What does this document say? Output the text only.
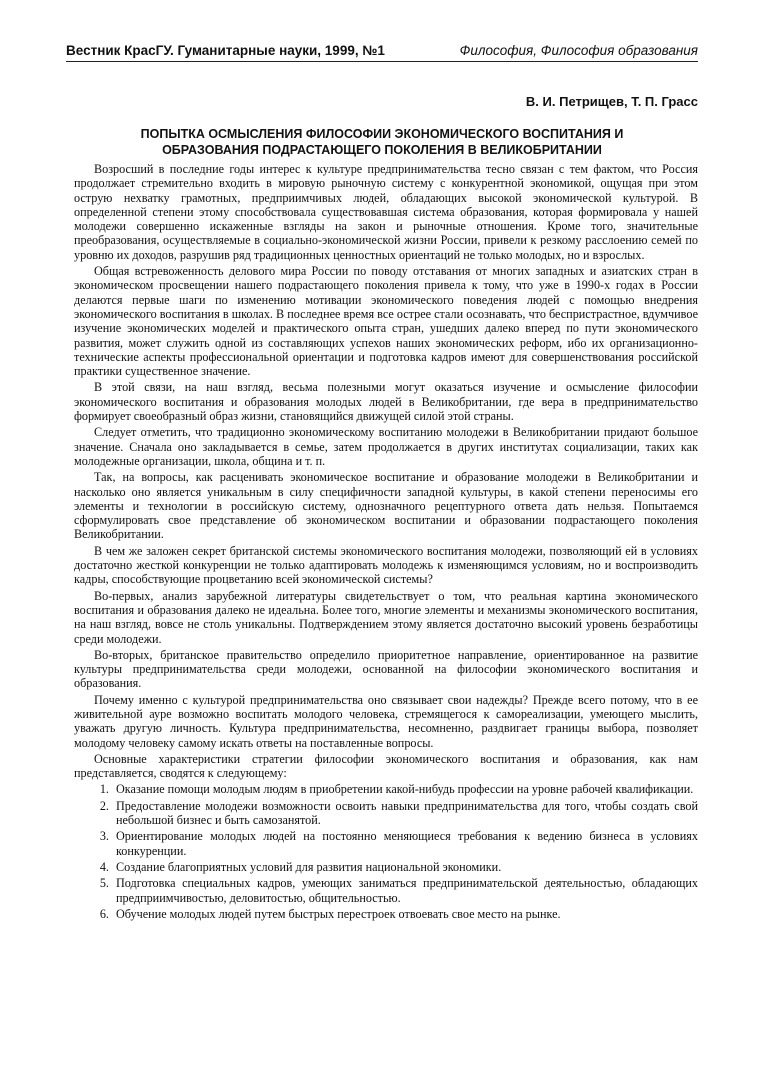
Вестник КрасГУ. Гуманитарные науки, 1999, №1	Философия, Философия образования
В. И. Петрищев, Т. П. Грасс
ПОПЫТКА ОСМЫСЛЕНИЯ ФИЛОСОФИИ ЭКОНОМИЧЕСКОГО ВОСПИТАНИЯ И
ОБРАЗОВАНИЯ ПОДРАСТАЮЩЕГО ПОКОЛЕНИЯ В ВЕЛИКОБРИТАНИИ

Возросший в последние годы интерес к культуре предпринимательства тесно связан с тем фактом, что Россия продолжает стремительно входить в мировую рыночную систему с конкурентной экономикой, ощущая при этом острую нехватку грамотных, предприимчивых людей, обладающих высокой экономической культурой. В определенной степени этому способствовала существовавшая система образования, которая формировала у нашей молодежи совершенно искаженные взгляды на закон и рыночные отношения. Кроме того, значительные преобразования, осуществляемые в социально-экономической жизни России, привели к резкому расслоению семей по уровню их доходов, разрушив ряд традиционных ценностных ориентаций не только молодых, но и взрослых.

Общая встревоженность делового мира России по поводу отставания от многих западных и азиатских стран в экономическом просвещении нашего подрастающего поколения привела к тому, что уже в 1990-х годах в России делаются первые шаги по изменению мотивации экономического поведения людей с помощью внедрения экономического воспитания в школах. В последнее время все острее стали осознавать, что беспристрастное, вдумчивое изучение экономических моделей и практического опыта стран, ушедших далеко вперед по пути экономического развития, может служить одной из составляющих успехов наших экономических реформ, ибо их организационно-технические аспекты профессиональной ориентации и подготовка кадров имеют для совершенствования российской практики существенное значение.

В этой связи, на наш взгляд, весьма полезными могут оказаться изучение и осмысление философии экономического воспитания и образования молодых людей в Великобритании, где вера в предпринимательство формирует своеобразный образ жизни, становящийся движущей силой этой страны.

Следует отметить, что традиционно экономическому воспитанию молодежи в Великобритании придают большое значение. Сначала оно закладывается в семье, затем продолжается в других институтах социализации, таких как молодежные организации, школа, община и т. п.

Так, на вопросы, как расценивать экономическое воспитание и образование молодежи в Великобритании и насколько оно является уникальным в силу специфичности западной культуры, в какой степени переносимы его элементы и технологии в российскую систему, однозначного рецептурного ответа дать нельзя. Попытаемся сформулировать свое представление об экономическом воспитании и образовании подрастающего поколения Великобритании.

В чем же заложен секрет британской системы экономического воспитания молодежи, позволяющий ей в условиях достаточно жесткой конкуренции не только адаптировать молодежь к изменяющимся условиям, но и воспроизводить кадры, способствующие процветанию всей экономической системы?

Во-первых, анализ зарубежной литературы свидетельствует о том, что реальная картина экономического воспитания и образования далеко не идеальна. Более того, многие элементы и механизмы экономического воспитания, на наш взгляд, вовсе не столь уникальны. Подтверждением этому является достаточно высокий уровень безработицы среди молодежи.

Во-вторых, британское правительство определило приоритетное направление, ориентированное на развитие культуры предпринимательства среди молодежи, основанной на философии экономического воспитания и образования.

Почему именно с культурой предпринимательства оно связывает свои надежды? Прежде всего потому, что в ее живительной ауре возможно воспитать молодого человека, стремящегося к самореализации, умеющего мыслить, уважать другую личность. Культура предпринимательства, несомненно, раздвигает границы выбора, позволяет молодому человеку самому искать ответы на поставленные вопросы.

Основные характеристики стратегии философии экономического воспитания и образования, как нам представляется, сводятся к следующему:

1. Оказание помощи молодым людям в приобретении какой-нибудь профессии на уровне рабочей квалификации.
2. Предоставление молодежи возможности освоить навыки предпринимательства для того, чтобы создать свой небольшой бизнес и быть самозанятой.
3. Ориентирование молодых людей на постоянно меняющиеся требования к ведению бизнеса в условиях конкуренции.
4. Создание благоприятных условий для развития национальной экономики.
5. Подготовка специальных кадров, умеющих заниматься предпринимательской деятельностью, обладающих предприимчивостью, деловитостью, общительностью.
6. Обучение молодых людей путем быстрых перестроек отвоевать свое место на рынке.
